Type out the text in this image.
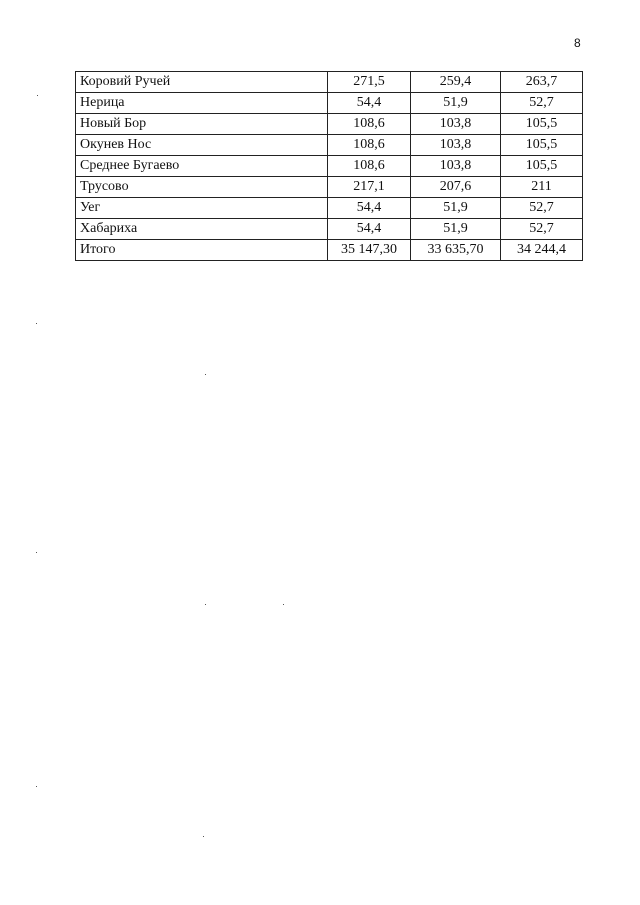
8
Коровий Ручей	271,5	259,4	263,7
Нерица	54,4	51,9	52,7
Новый Бор	108,6	103,8	105,5
Окунев Нос	108,6	103,8	105,5
Среднее Бугаево	108,6	103,8	105,5
Трусово	217,1	207,6	211
Уег	54,4	51,9	52,7
Хабариха	54,4	51,9	52,7
Итого	35 147,30	33 635,70	34 244,4
